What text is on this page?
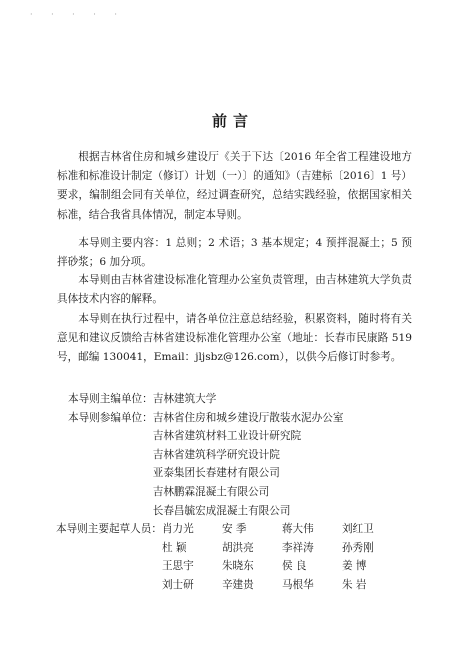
· · · · ·
前言

根据吉林省住房和城乡建设厅《关于下达〔2016 年全省工程建设地方标准和标准设计制定（修订）计划（一）〕的通知》（吉建标〔2016〕1 号）要求，编制组会同有关单位，经过调查研究，总结实践经验，依据国家相关标准，结合我省具体情况，制定本导则。

本导则主要内容：1 总则；2 术语；3 基本规定；4 预拌混凝土；5 预拌砂浆；6 加分项。

本导则由吉林省建设标准化管理办公室负责管理，由吉林建筑大学负责具体技术内容的解释。

本导则在执行过程中，请各单位注意总结经验，积累资料，随时将有关意见和建议反馈给吉林省建设标准化管理办公室（地址：长春市民康路 519 号，邮编 130041，Email：jljsbz@126.com），以供今后修订时参考。

本导则主编单位： 吉林建筑大学
本导则参编单位： 吉林省住房和城乡建设厅散装水泥办公室
吉林省建筑材料工业设计研究院
吉林省建筑科学研究设计院
亚泰集团长春建材有限公司
吉林鹏霖混凝土有限公司
长春昌毓宏成混凝土有限公司
本导则主要起草人员： 肖力光	安 季	蒋大伟	刘红卫
杜 颖	胡洪亮	李祥涛	孙秀刚
王思宇	朱晓东	侯 良	姜 博
刘士研	辛建贵	马根华	朱 岩
